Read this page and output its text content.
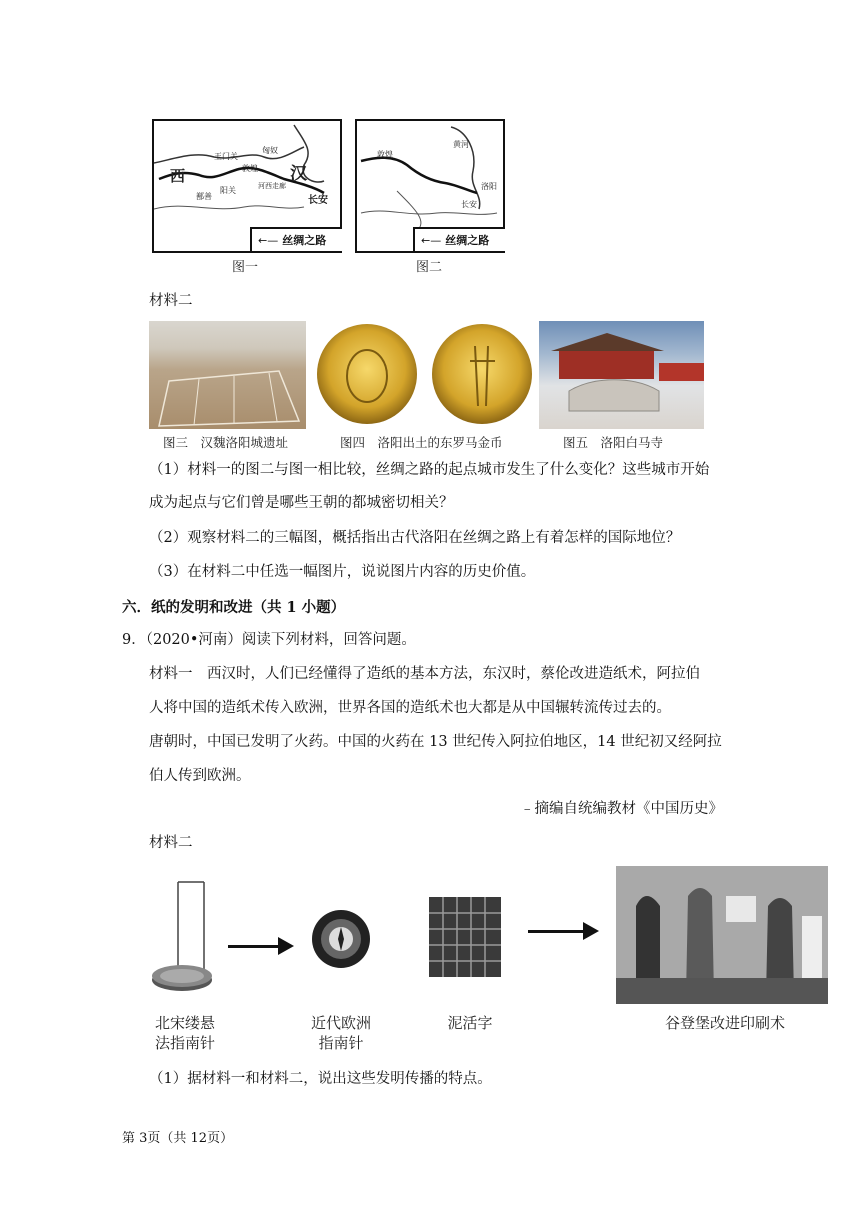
西	汉
玉门关
阳关
敦煌
鄯善
河西走廊
长安
匈奴
←— 丝绸之路
图一
长安
洛阳
敦煌
黄河
←— 丝绸之路
图二
材料二
图三　汉魏洛阳城遗址	图四　洛阳出土的东罗马金币	图五　洛阳白马寺
（1）材料一的图二与图一相比较，丝绸之路的起点城市发生了什么变化？这些城市开始
成为起点与它们曾是哪些王朝的都城密切相关？
（2）观察材料二的三幅图，概括指出古代洛阳在丝绸之路上有着怎样的国际地位？
（3）在材料二中任选一幅图片，说说图片内容的历史价值。
六．纸的发明和改进（共 1 小题）
9．（2020•河南）阅读下列材料，回答问题。
材料一　西汉时，人们已经懂得了造纸的基本方法，东汉时，蔡伦改进造纸术，阿拉伯
人将中国的造纸术传入欧洲，世界各国的造纸术也大都是从中国辗转流传过去的。
唐朝时，中国已发明了火药。中国的火药在 13 世纪传入阿拉伯地区，14 世纪初又经阿拉
伯人传到欧洲。
﹣摘编自统编教材《中国历史》
材料二
北宋缕悬
法指南针
近代欧洲
指南针
泥活字	谷登堡改进印刷术
（1）据材料一和材料二，说出这些发明传播的特点。
第 3页（共 12页）
